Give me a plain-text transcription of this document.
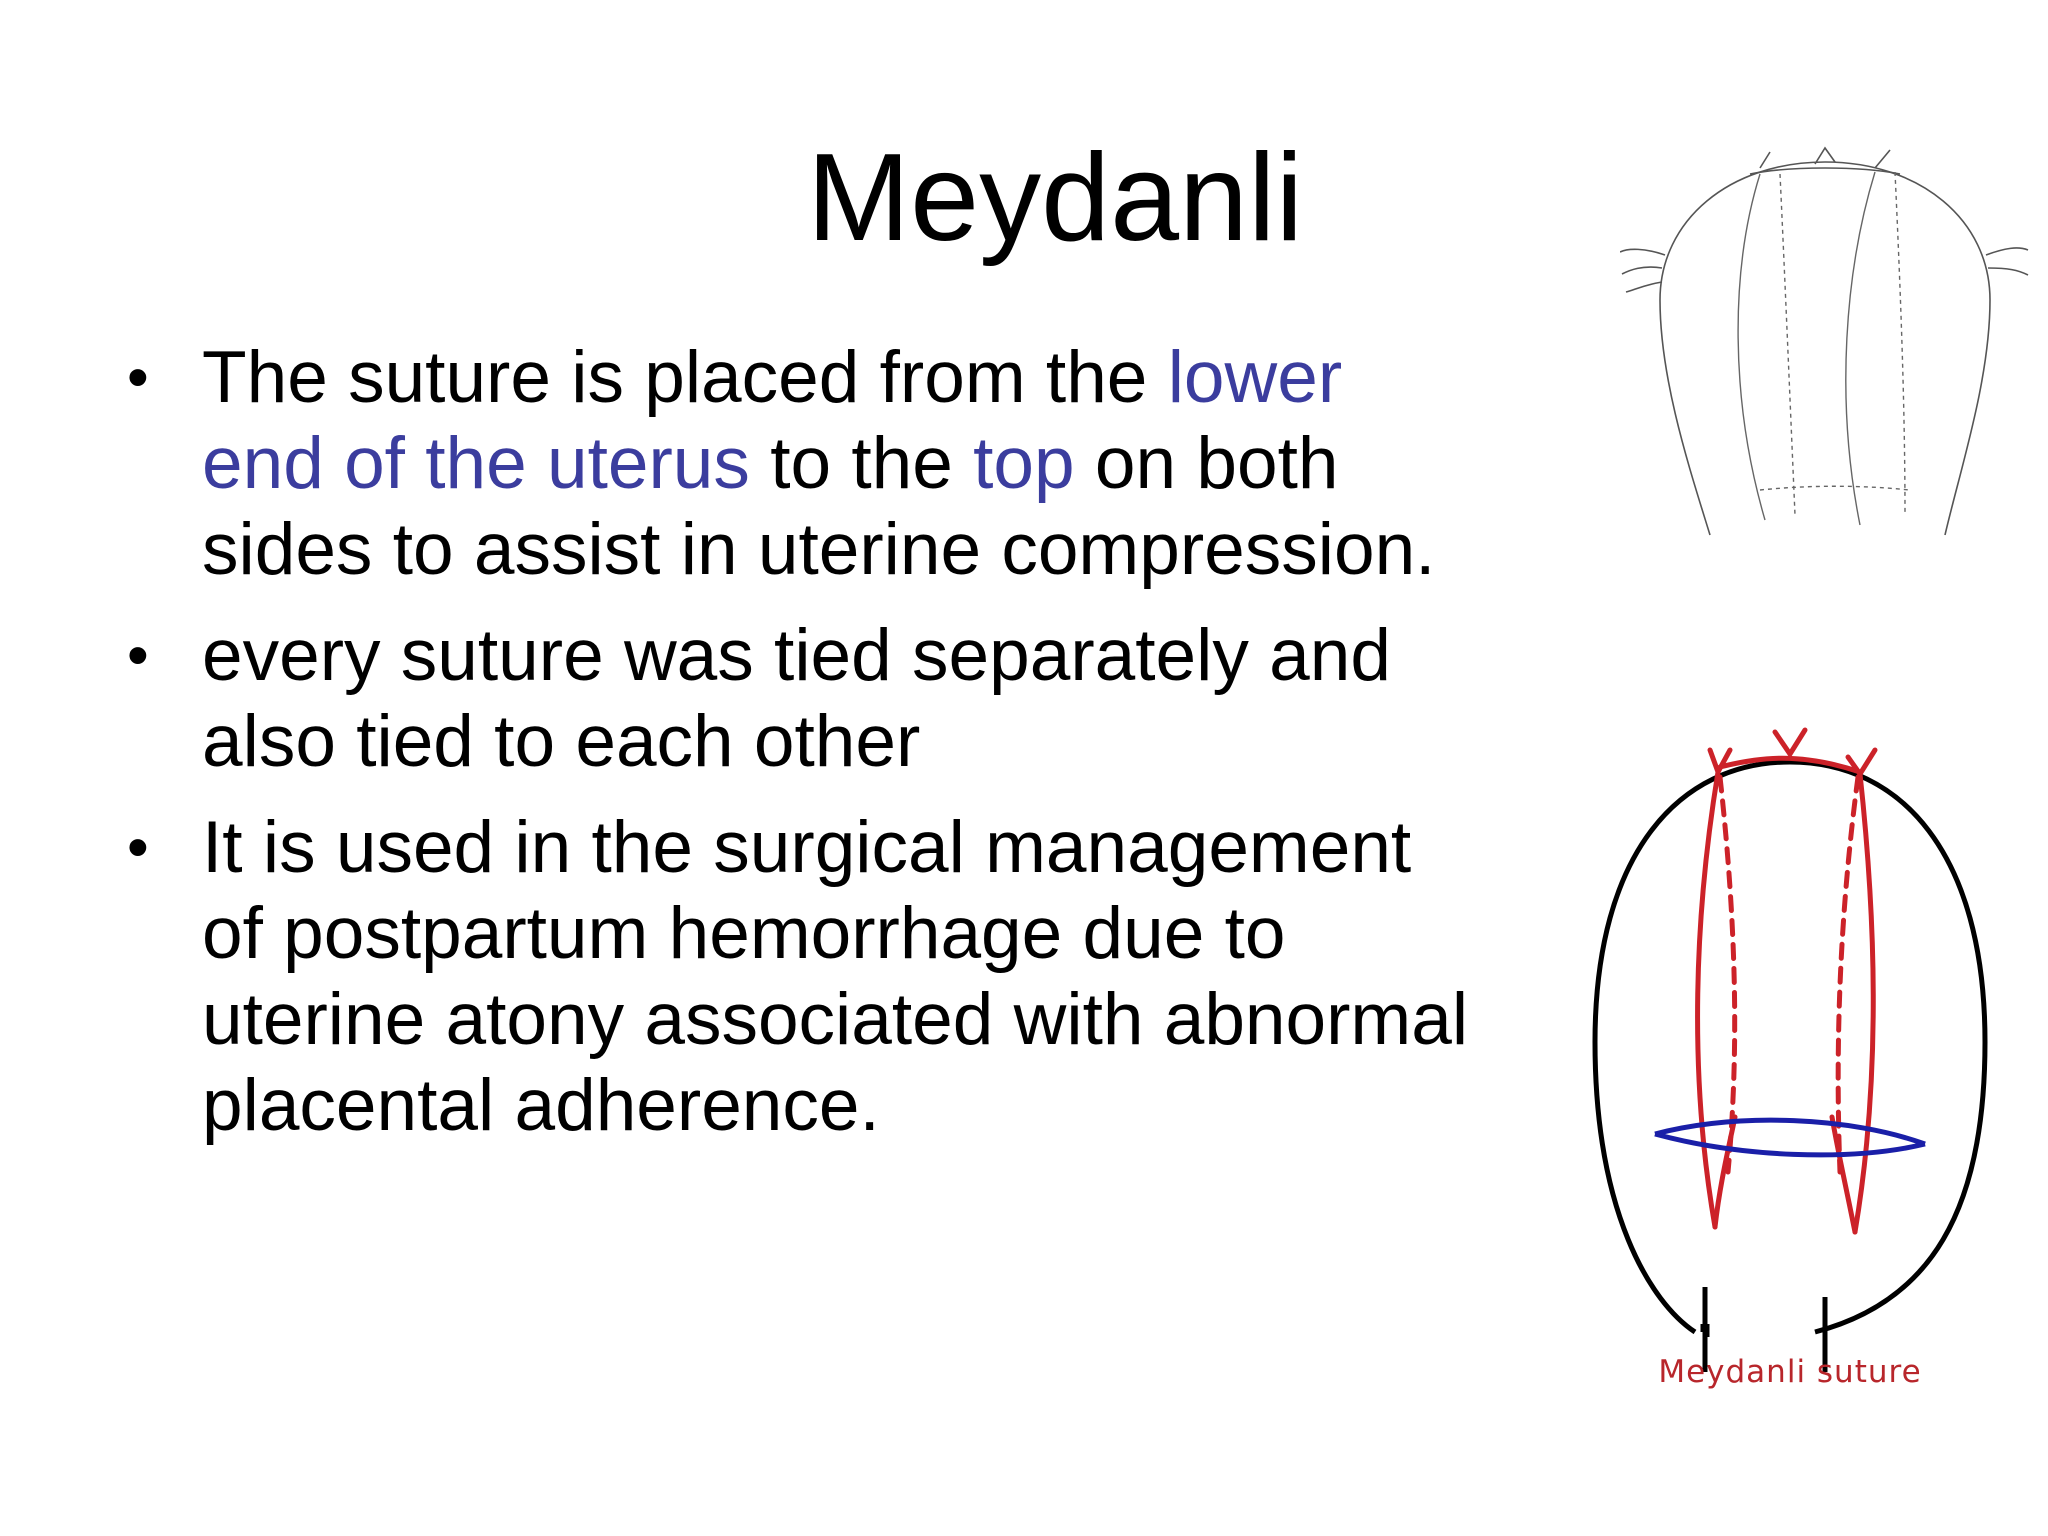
Meydanli
• The suture is placed from the lower end of the uterus to the top on both sides to assist in uterine compression.
• every suture was tied separately and also tied to each other
• It is used in the surgical management of postpartum hemorrhage due to uterine atony associated with abnormal placental adherence.
Meydanli suture
